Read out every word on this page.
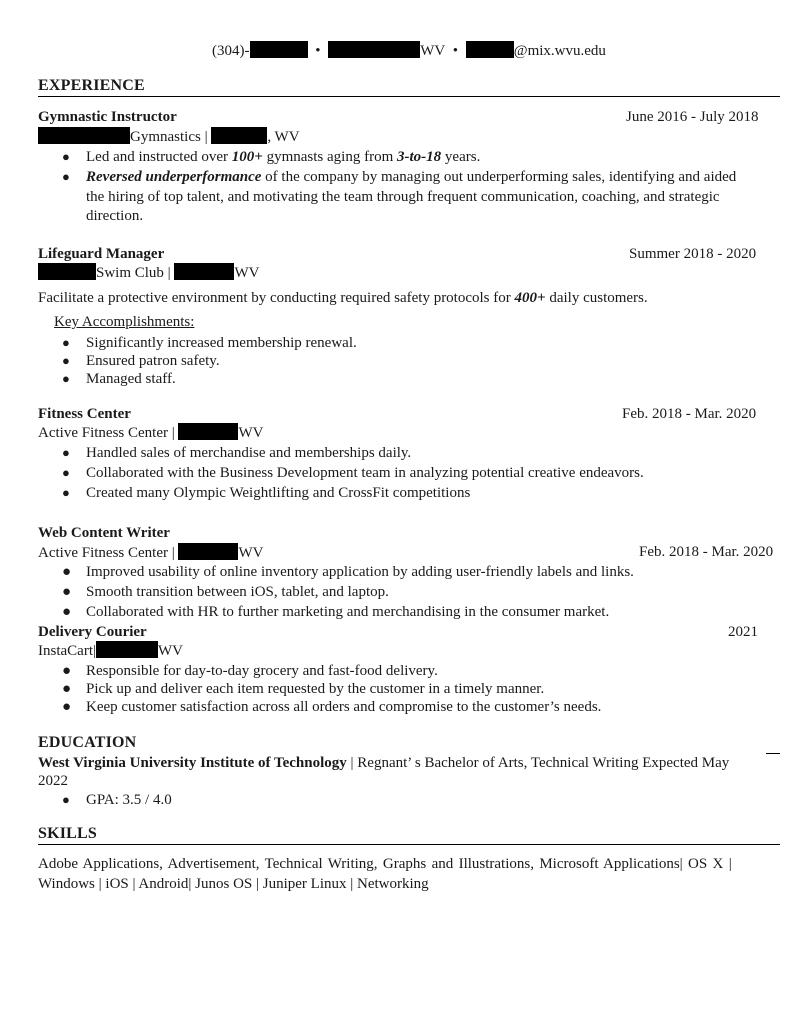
(304)-	•	WV •	@mix.wvu.edu
EXPERIENCE
Gymnastic Instructor	June 2016 - July 2018
Gymnastics |	, WV
● Led and instructed over 100+ gymnasts aging from 3-to-18 years.
● Reversed underperformance of the company by managing out underperforming sales, identifying and aided
the hiring of top talent, and motivating the team through frequent communication, coaching, and strategic
direction.
Lifeguard Manager	Summer 2018 - 2020
Swim Club |	WV
Facilitate a protective environment by conducting required safety protocols for 400+ daily customers.
Key Accomplishments:
● Significantly increased membership renewal.
● Ensured patron safety.
● Managed staff.
Fitness Center	Feb. 2018 - Mar. 2020
Active Fitness Center |	WV
● Handled sales of merchandise and memberships daily.
● Collaborated with the Business Development team in analyzing potential creative endeavors.
● Created many Olympic Weightlifting and CrossFit competitions
Web Content Writer
Active Fitness Center |	WV	Feb. 2018 - Mar. 2020
● Improved usability of online inventory application by adding user-friendly labels and links.
● Smooth transition between iOS, tablet, and laptop.
● Collaborated with HR to further marketing and merchandising in the consumer market.
Delivery Courier	2021
InstaCart|	WV
● Responsible for day-to-day grocery and fast-food delivery.
● Pick up and deliver each item requested by the customer in a timely manner.
● Keep customer satisfaction across all orders and compromise to the customer’s needs.
EDUCATION
West Virginia University Institute of Technology | Regnant’ s Bachelor of Arts, Technical Writing Expected May
2022
● GPA: 3.5 / 4.0
SKILLS
Adobe Applications, Advertisement, Technical Writing, Graphs and Illustrations, Microsoft Applications| OS X |
Windows | iOS | Android| Junos OS | Juniper Linux | Networking
